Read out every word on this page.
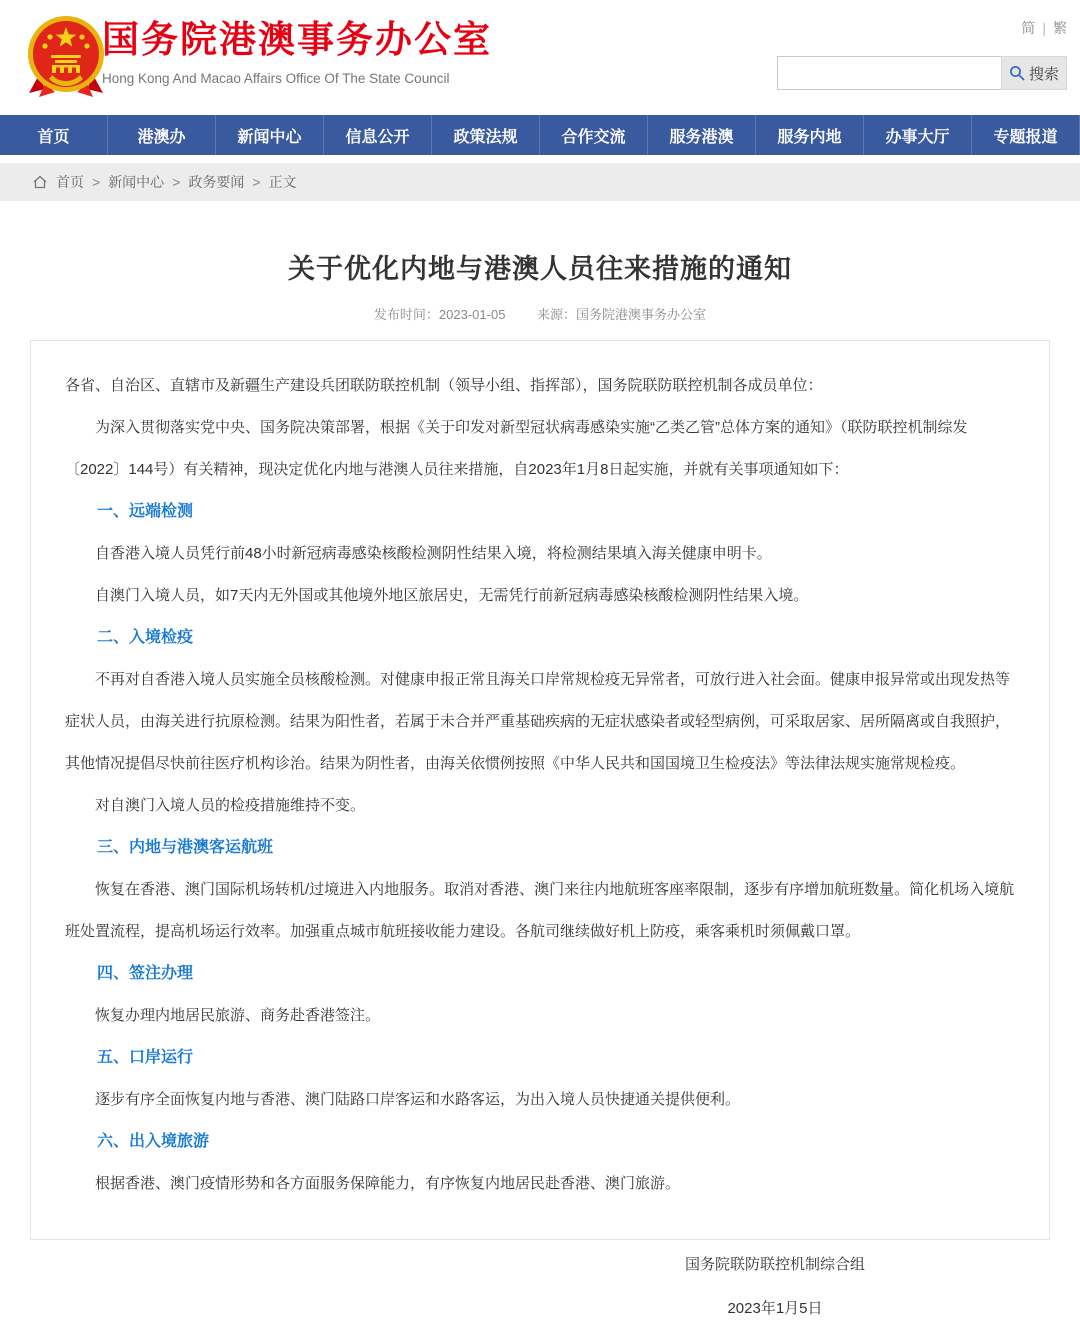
国务院港澳事务办公室
Hong Kong And Macao Affairs Office Of The State Council
简 | 繁
搜索
首页	港澳办	新闻中心	信息公开	政策法规	合作交流	服务港澳	服务内地	办事大厅	专题报道
首页 > 新闻中心 > 政务要闻 > 正文
关于优化内地与港澳人员往来措施的通知
发布时间：2023-01-05 来源：国务院港澳事务办公室

各省、自治区、直辖市及新疆生产建设兵团联防联控机制（领导小组、指挥部），国务院联防联控机制各成员单位：

为深入贯彻落实党中央、国务院决策部署，根据《关于印发对新型冠状病毒感染实施“乙类乙管”总体方案的通知》（联防联控机制综发〔2022〕144号）有关精神，现决定优化内地与港澳人员往来措施，自2023年1月8日起实施，并就有关事项通知如下：

一、远端检测

自香港入境人员凭行前48小时新冠病毒感染核酸检测阴性结果入境，将检测结果填入海关健康申明卡。

自澳门入境人员，如7天内无外国或其他境外地区旅居史，无需凭行前新冠病毒感染核酸检测阴性结果入境。

二、入境检疫

不再对自香港入境人员实施全员核酸检测。对健康申报正常且海关口岸常规检疫无异常者，可放行进入社会面。健康申报异常或出现发热等症状人员，由海关进行抗原检测。结果为阳性者，若属于未合并严重基础疾病的无症状感染者或轻型病例，可采取居家、居所隔离或自我照护，其他情况提倡尽快前往医疗机构诊治。结果为阴性者，由海关依惯例按照《中华人民共和国国境卫生检疫法》等法律法规实施常规检疫。

对自澳门入境人员的检疫措施维持不变。

三、内地与港澳客运航班

恢复在香港、澳门国际机场转机/过境进入内地服务。取消对香港、澳门来往内地航班客座率限制，逐步有序增加航班数量。简化机场入境航班处置流程，提高机场运行效率。加强重点城市航班接收能力建设。各航司继续做好机上防疫，乘客乘机时须佩戴口罩。

四、签注办理

恢复办理内地居民旅游、商务赴香港签注。

五、口岸运行

逐步有序全面恢复内地与香港、澳门陆路口岸客运和水路客运，为出入境人员快捷通关提供便利。

六、出入境旅游

根据香港、澳门疫情形势和各方面服务保障能力，有序恢复内地居民赴香港、澳门旅游。

国务院联防联控机制综合组
2023年1月5日
